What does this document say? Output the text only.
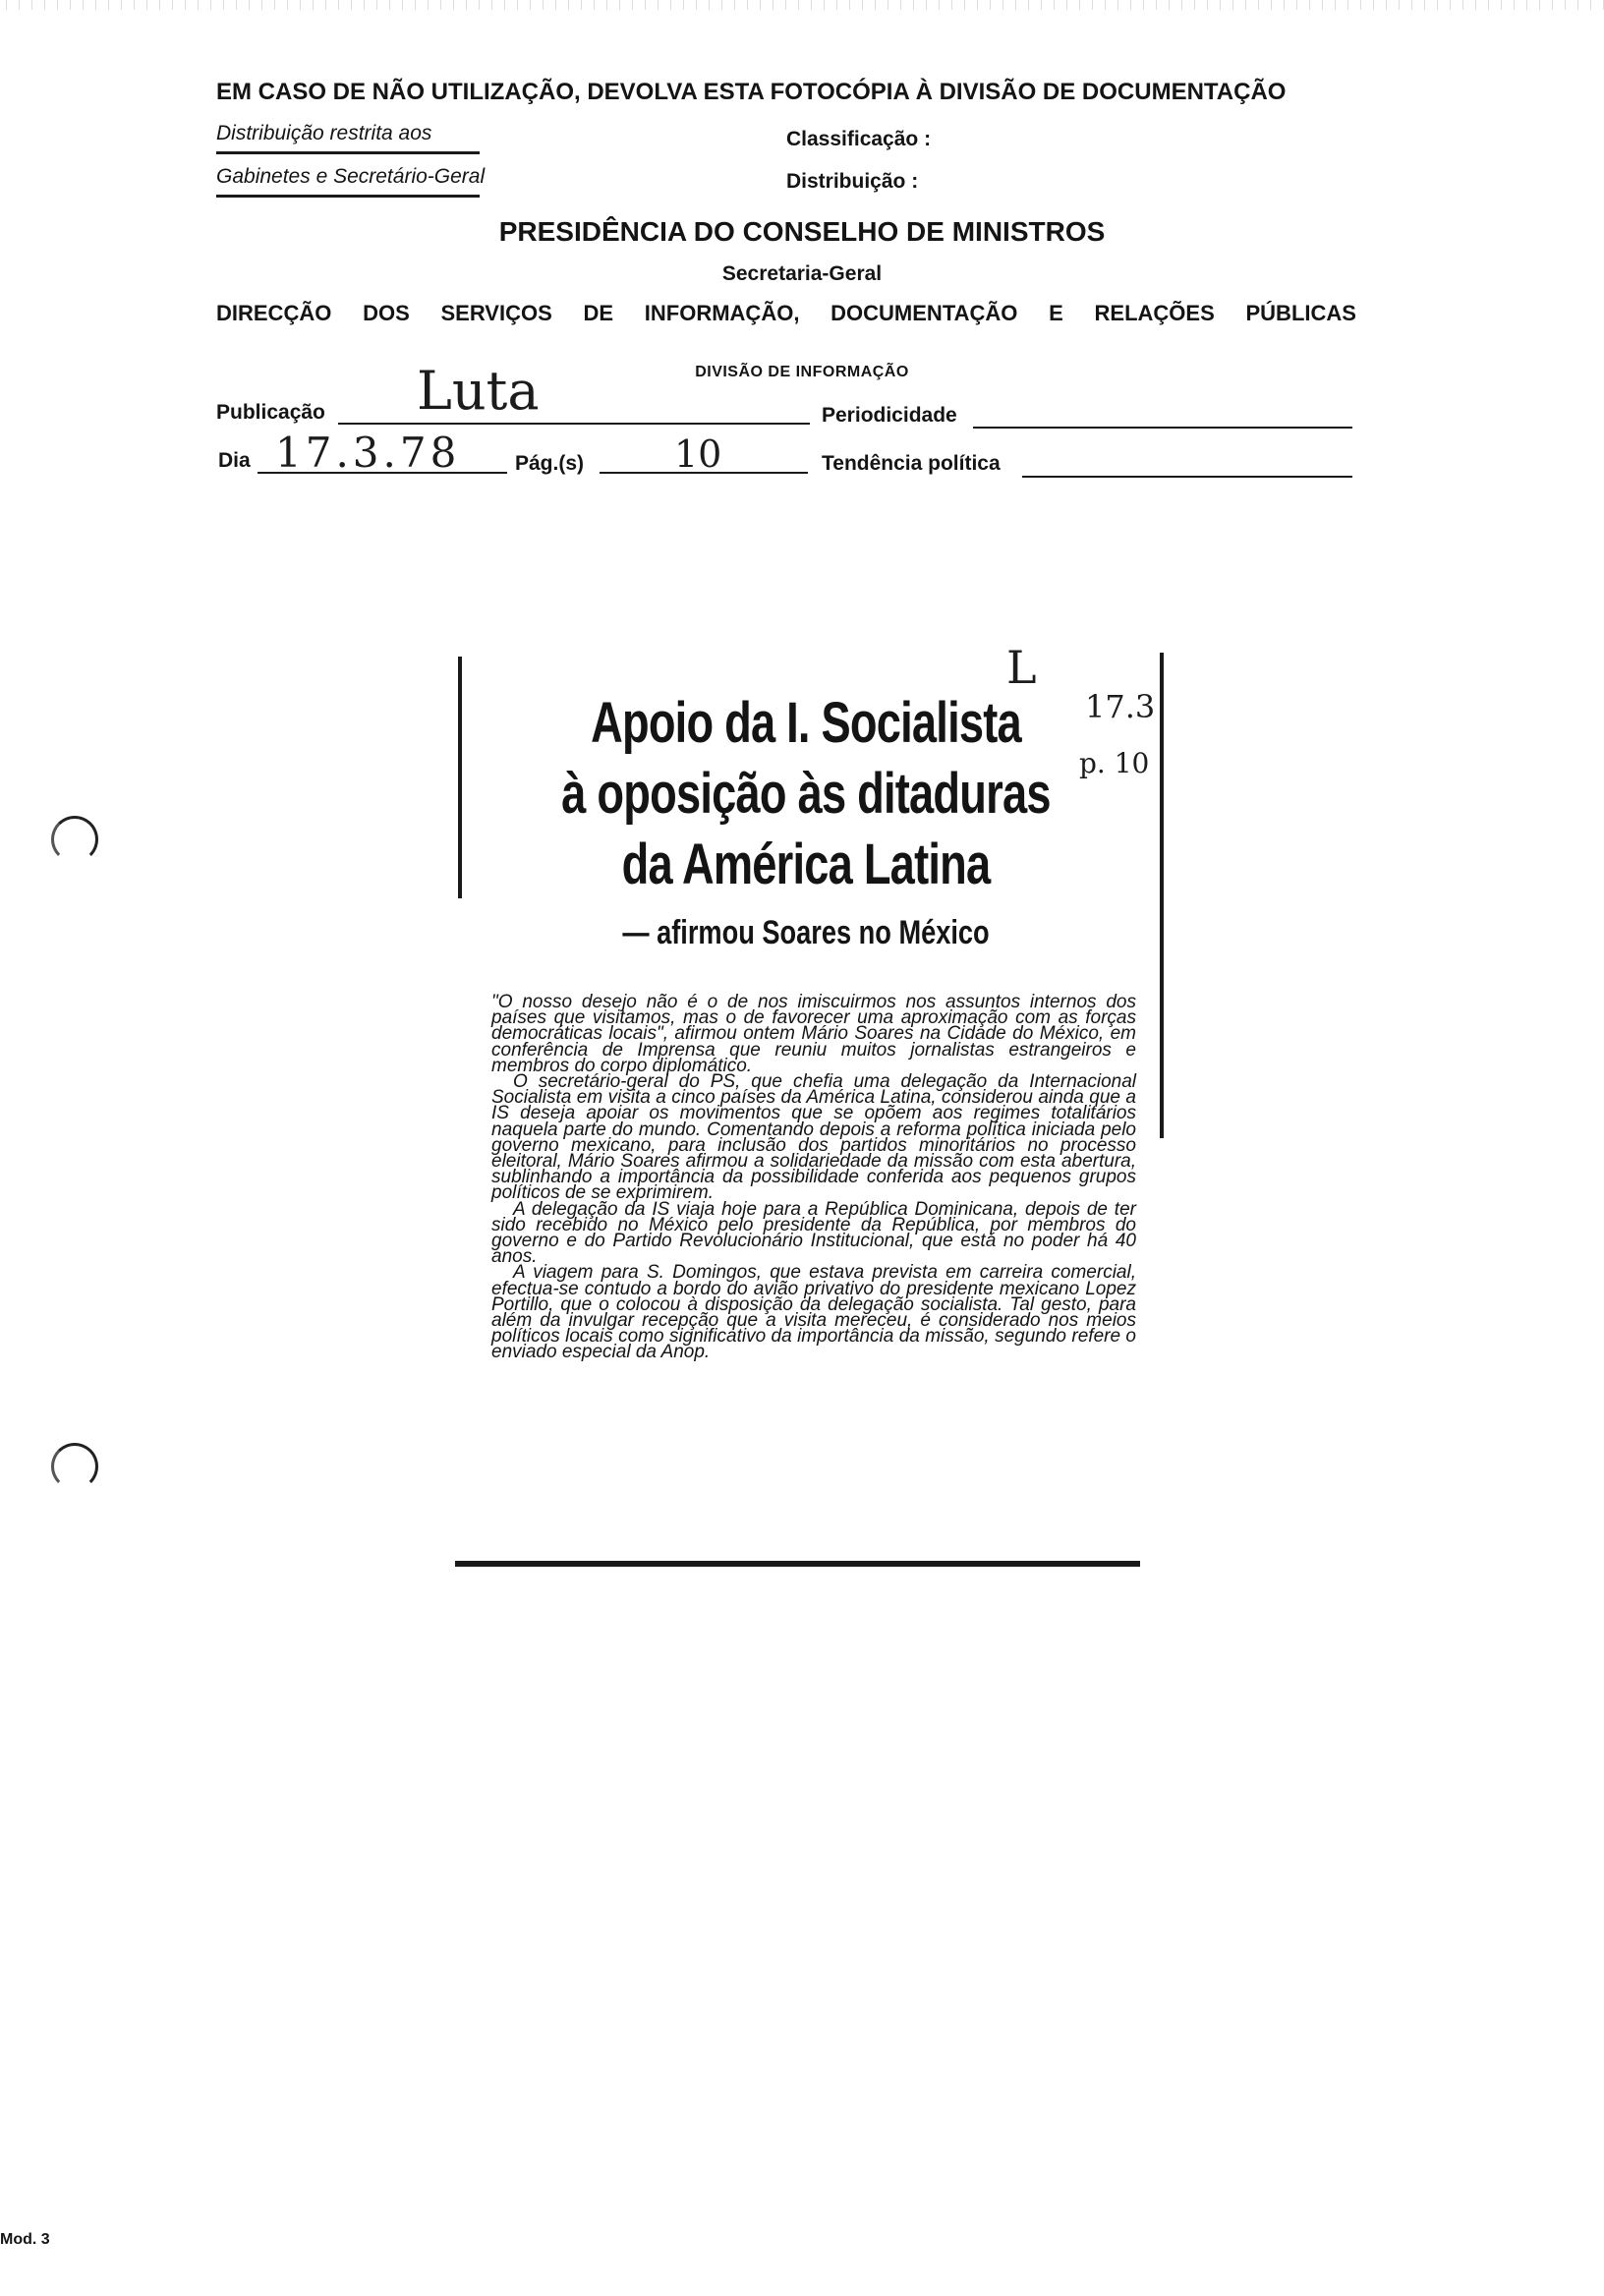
EM CASO DE NÃO UTILIZAÇÃO, DEVOLVA ESTA FOTOCÓPIA À DIVISÃO DE DOCUMENTAÇÃO
Distribuição restrita aos
Gabinetes e Secretário-Geral
Classificação :
Distribuição :
PRESIDÊNCIA DO CONSELHO DE MINISTROS
Secretaria-Geral
DIRECÇÃO DOS SERVIÇOS DE INFORMAÇÃO, DOCUMENTAÇÃO E RELAÇÕES PÚBLICAS
DIVISÃO DE INFORMAÇÃO
Publicação Luta	Periodicidade
Dia 17.3.78	Pág.(s) 10	Tendência política
L
17.3
p. 10
Apoio da I. Socialista
à oposição às ditaduras
da América Latina
— afirmou Soares no México

"O nosso desejo não é o de nos imiscuirmos nos assuntos internos dos países que visitamos, mas o de favorecer uma aproximação com as forças democráticas locais", afirmou ontem Mário Soares na Cidade do México, em conferência de Imprensa que reuniu muitos jornalistas estrangeiros e membros do corpo diplomático.

O secretário-geral do PS, que chefia uma delegação da Internacional Socialista em visita a cinco países da América Latina, considerou ainda que a IS deseja apoiar os movimentos que se opõem aos regimes totalitários naquela parte do mundo. Comentando depois a reforma política iniciada pelo governo mexicano, para inclusão dos partidos minoritários no processo eleitoral, Mário Soares afirmou a solidariedade da missão com esta abertura, sublinhando a importância da possibilidade conferida aos pequenos grupos políticos de se exprimirem.

A delegação da IS viaja hoje para a República Dominicana, depois de ter sido recebido no México pelo presidente da República, por membros do governo e do Partido Revolucionário Institucional, que está no poder há 40 anos.

A viagem para S. Domingos, que estava prevista em carreira comercial, efectua-se contudo a bordo do avião privativo do presidente mexicano Lopez Portillo, que o colocou à disposição da delegação socialista. Tal gesto, para além da invulgar recepção que a visita mereceu, é considerado nos meios políticos locais como significativo da importância da missão, segundo refere o enviado especial da Anop.

Mod. 3
